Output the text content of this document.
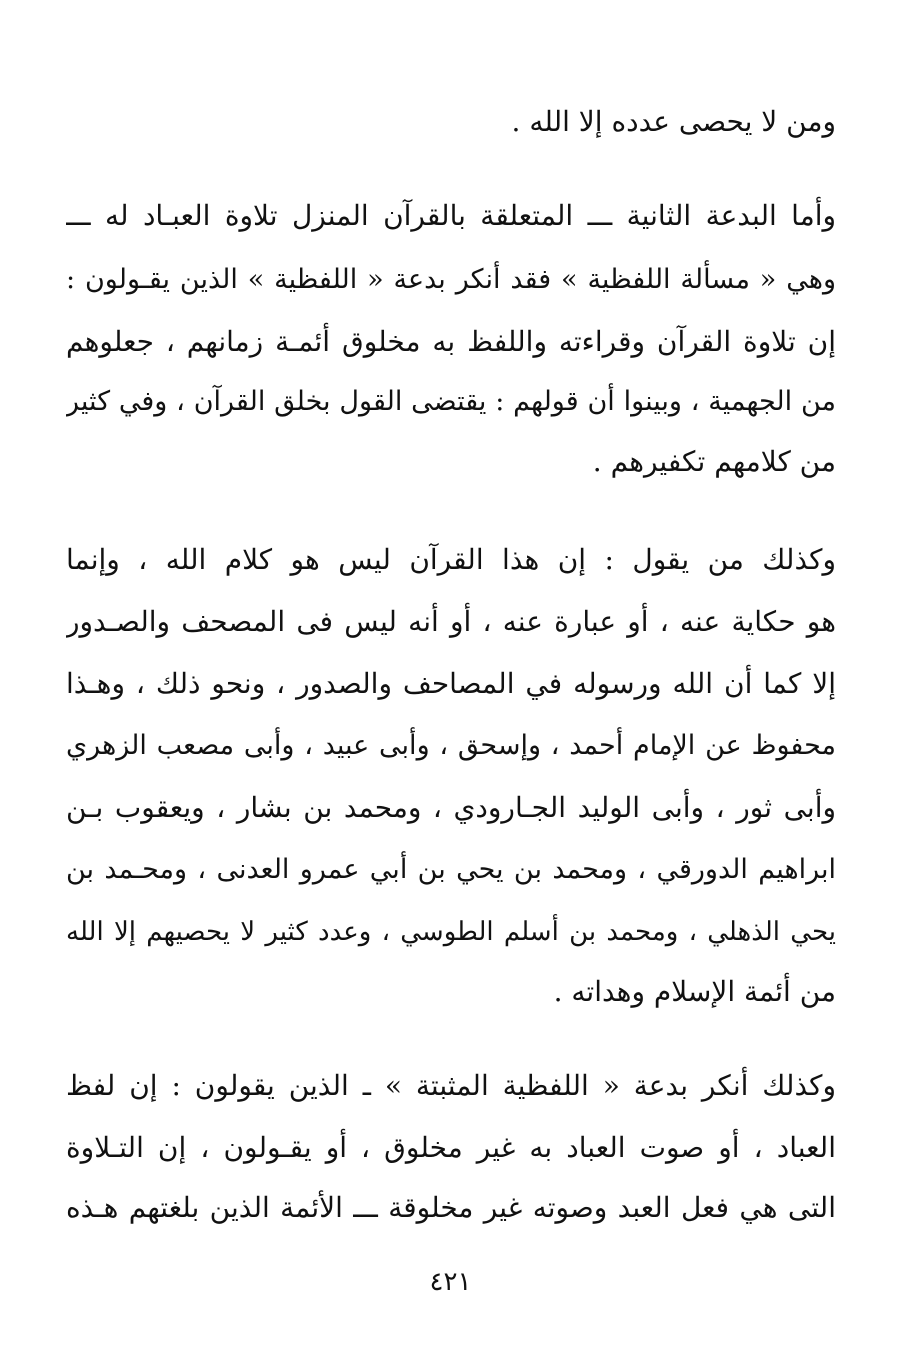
ومن لا يحصى عدده إلا الله .
وأما البدعة الثانية ـــ المتعلقة بالقرآن المنزل تلاوة العبـاد له ـــ
وهي « مسألة اللفظية » فقد أنكر بدعة « اللفظية » الذين يقـولون :
إن تلاوة القرآن وقراءته واللفظ به مخلوق أئمـة زمانهم ، جعلوهم
من الجهمية ، وبينوا أن قولهم : يقتضى القول بخلق القرآن ، وفي كثير
من كلامهم تكفيرهم .
وكذلك من يقول : إن هذا القرآن ليس هو كلام الله ، وإنما
هو حكاية عنه ، أو عبارة عنه ، أو أنه ليس فى المصحف والصـدور
إلا كما أن الله ورسوله في المصاحف والصدور ، ونحو ذلك ، وهـذا
محفوظ عن الإمام أحمد ، وإسحق ، وأبى عبيد ، وأبى مصعب الزهري
وأبى ثور ، وأبى الوليد الجـارودي ، ومحمد بن بشار ، ويعقوب بـن
ابراهيم الدورقي ، ومحمد بن يحي بن أبي عمرو العدنى ، ومحـمد بن
يحي الذهلي ، ومحمد بن أسلم الطوسي ، وعدد كثير لا يحصيهم إلا الله
من أئمة الإسلام وهداته .
وكذلك أنكر بدعة « اللفظية المثبتة » ـ الذين يقولون : إن لفظ
العباد ، أو صوت العباد به غير مخلوق ، أو يقـولون ، إن التـلاوة
التى هي فعل العبد وصوته غير مخلوقة ـــ الأئمة الذين بلغتهم هـذه
٤٢١
